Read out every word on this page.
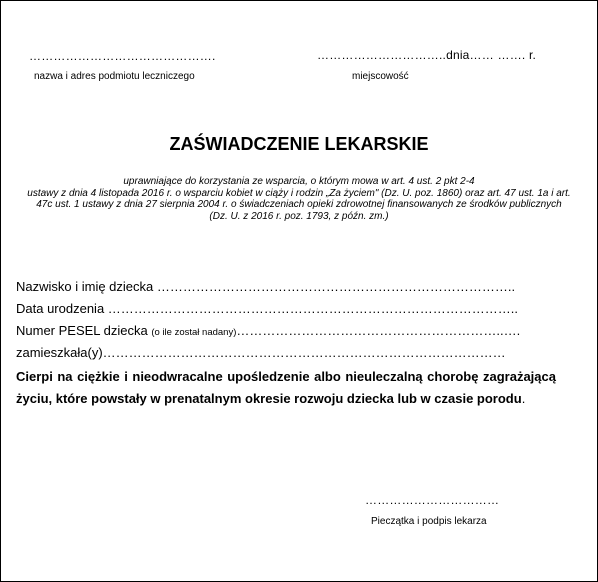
……………………………………….
nazwa i adres podmiotu leczniczego
…………………………..dnia…… ……. r.
miejscowość
ZAŚWIADCZENIE LEKARSKIE
uprawniające do korzystania ze wsparcia, o którym mowa w art. 4 ust. 2 pkt 2-4
ustawy z dnia 4 listopada 2016 r. o wsparciu kobiet w ciąży i rodzin „Za życiem" (Dz. U. poz. 1860) oraz art. 47 ust. 1a i art.
47c ust. 1 ustawy z dnia 27 sierpnia 2004 r. o świadczeniach opieki zdrowotnej finansowanych ze środków publicznych
(Dz. U. z 2016 r. poz. 1793, z późn. zm.)
Nazwisko i imię dziecka ………………………………………………………………………..
Data urodzenia …………………………………………………………………………………..
Numer PESEL dziecka (o ile został nadany)……………………………………………………..….
zamieszkała(y)…………………………………………………………………………………
Cierpi na ciężkie i nieodwracalne upośledzenie albo nieuleczalną chorobę zagrażającą życiu, które powstały w prenatalnym okresie rozwoju dziecka lub w czasie porodu.
……………………………
Pieczątka i podpis lekarza
